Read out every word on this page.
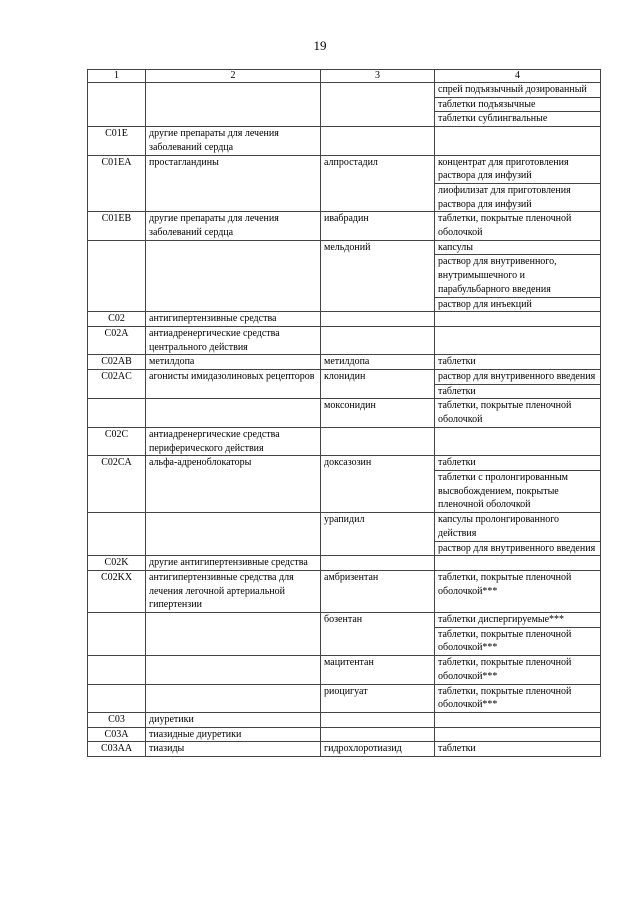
19
1	2	3	4

			спрей подъязычный дозированный
таблетки подъязычные
таблетки сублингвальные

C01E	другие препараты для лечения заболеваний сердца		
C01EA	простагландины	алпростадил	концентрат для приготовления раствора для инфузий
лиофилизат для приготовления раствора для инфузий

C01EB	другие препараты для лечения заболеваний сердца	ивабрадин	таблетки, покрытые пленочной оболочкой

		мельдоний	капсулы
раствор для внутривенного, внутримышечного и парабульбарного введения
раствор для инъекций

C02	антигипертензивные средства		
C02A	антиадренергические средства центрального действия		
C02AB	метилдопа	метилдопа	таблетки

C02AC	агонисты имидазолиновых рецепторов	клонидин	раствор для внутривенного введения
таблетки

		моксонидин	таблетки, покрытые пленочной оболочкой

C02C	антиадренергические средства периферического действия		
C02CA	альфа-адреноблокаторы	доксазозин	таблетки
таблетки с пролонгированным высвобождением, покрытые пленочной оболочкой

		урапидил	капсулы пролонгированного действия
раствор для внутривенного введения

C02K	другие антигипертензивные средства		
C02KX	антигипертензивные средства для лечения легочной артериальной гипертензии	амбризентан	таблетки, покрытые пленочной оболочкой***

		бозентан	таблетки диспергируемые***
таблетки, покрытые пленочной оболочкой***

		мацитентан	таблетки, покрытые пленочной оболочкой***

		риоцигуат	таблетки, покрытые пленочной оболочкой***

C03	диуретики		
C03A	тиазидные диуретики		
C03AA	тиазиды	гидрохлоротиазид	таблетки
